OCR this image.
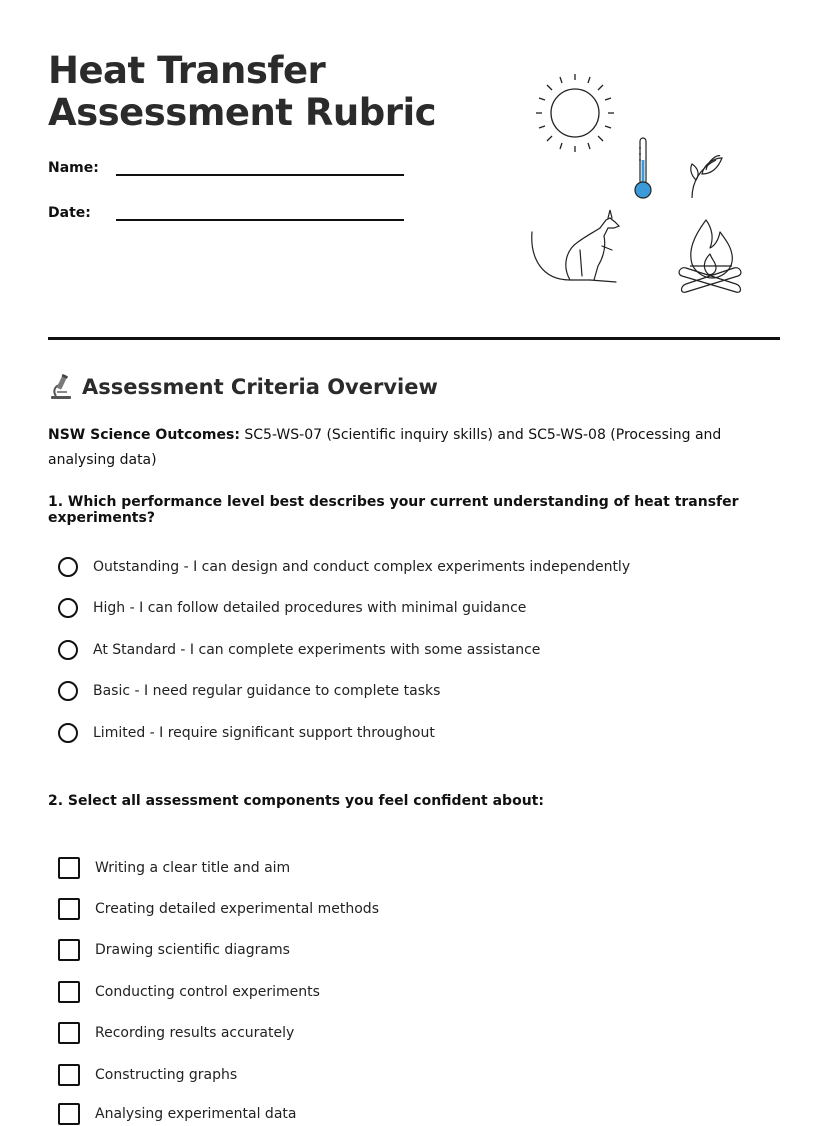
Heat Transfer
Assessment Rubric
Name:
Date:
Assessment Criteria Overview

NSW Science Outcomes: SC5-WS-07 (Scientific inquiry skills) and SC5-WS-08 (Processing and analysing data)

1. Which performance level best describes your current understanding of heat transfer experiments?

Outstanding - I can design and conduct complex experiments independently
High - I can follow detailed procedures with minimal guidance
At Standard - I can complete experiments with some assistance
Basic - I need regular guidance to complete tasks
Limited - I require significant support throughout

2. Select all assessment components you feel confident about:

Writing a clear title and aim
Creating detailed experimental methods
Drawing scientific diagrams
Conducting control experiments
Recording results accurately
Constructing graphs
Analysing experimental data
